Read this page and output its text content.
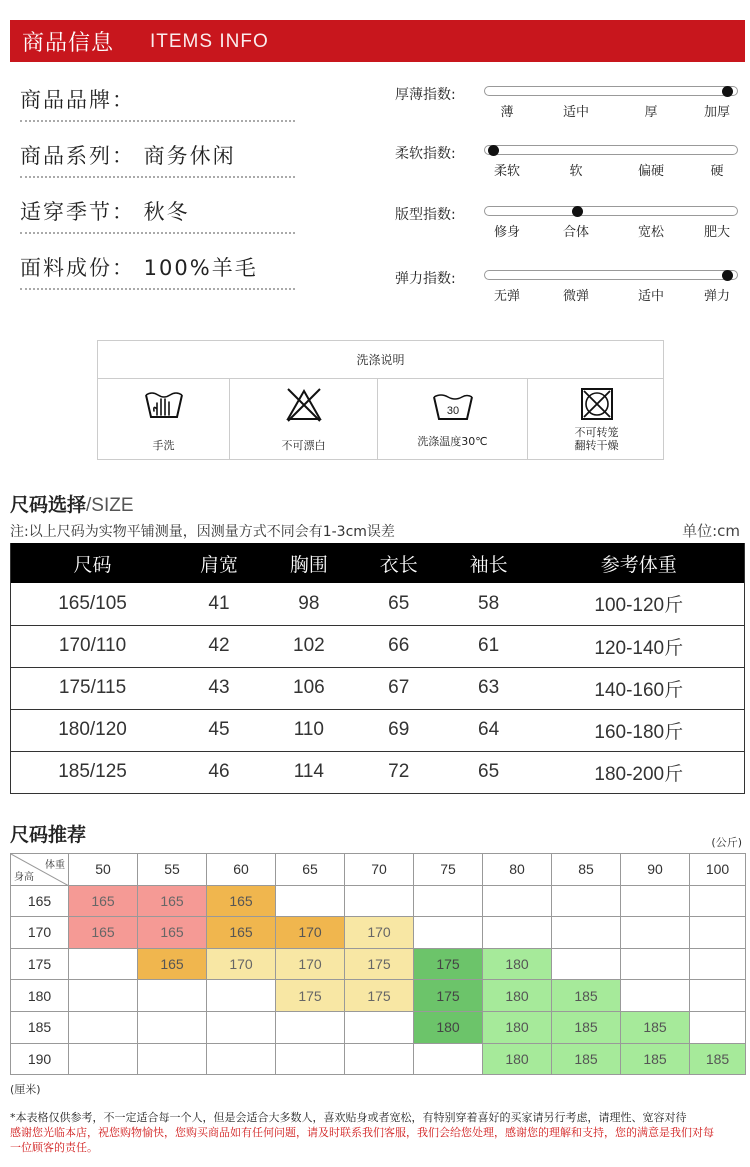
商品信息 ITEMS INFO
商品品牌：
商品系列： 商务休闲
适穿季节： 秋冬
面料成份： 100%羊毛
厚薄指数:
薄	适中	厚	加厚
柔软指数:
柔软	软	偏硬	硬
版型指数:
修身	合体	宽松	肥大
弹力指数:
无弹	微弹	适中	弹力
洗涤说明
手洗	不可漂白
30
洗涤温度30℃
不可转笼
翻转干燥
尺码选择/SIZE
注:以上尺码为实物平铺测量，因测量方式不同会有1-3cm误差	单位:cm
尺码	肩宽	胸围	衣长	袖长	参考体重
165/105	41	98	65	58	100-120斤
170/110	42	102	66	61	120-140斤
175/115	43	106	67	63	140-160斤
180/120	45	110	69	64	160-180斤
185/125	46	114	72	65	180-200斤
尺码推荐	(公斤)
体重
身高	50	55	60	65	70	75	80	85	90	100
165	165	165	165							
170	165	165	165	170	170					
175		165	170	170	175	175	180			
180				175	175	175	180	185		
185						180	180	185	185	
190							180	185	185	185
(厘米)
*本表格仅供参考，不一定适合每一个人，但是会适合大多数人，喜欢贴身或者宽松，有特别穿着喜好的买家请另行考虑，请理性、宽容对待
感谢您光临本店，祝您购物愉快，您购买商品如有任何问题，请及时联系我们客服，我们会给您处理，感谢您的理解和支持，您的满意是我们对每
一位顾客的责任。
